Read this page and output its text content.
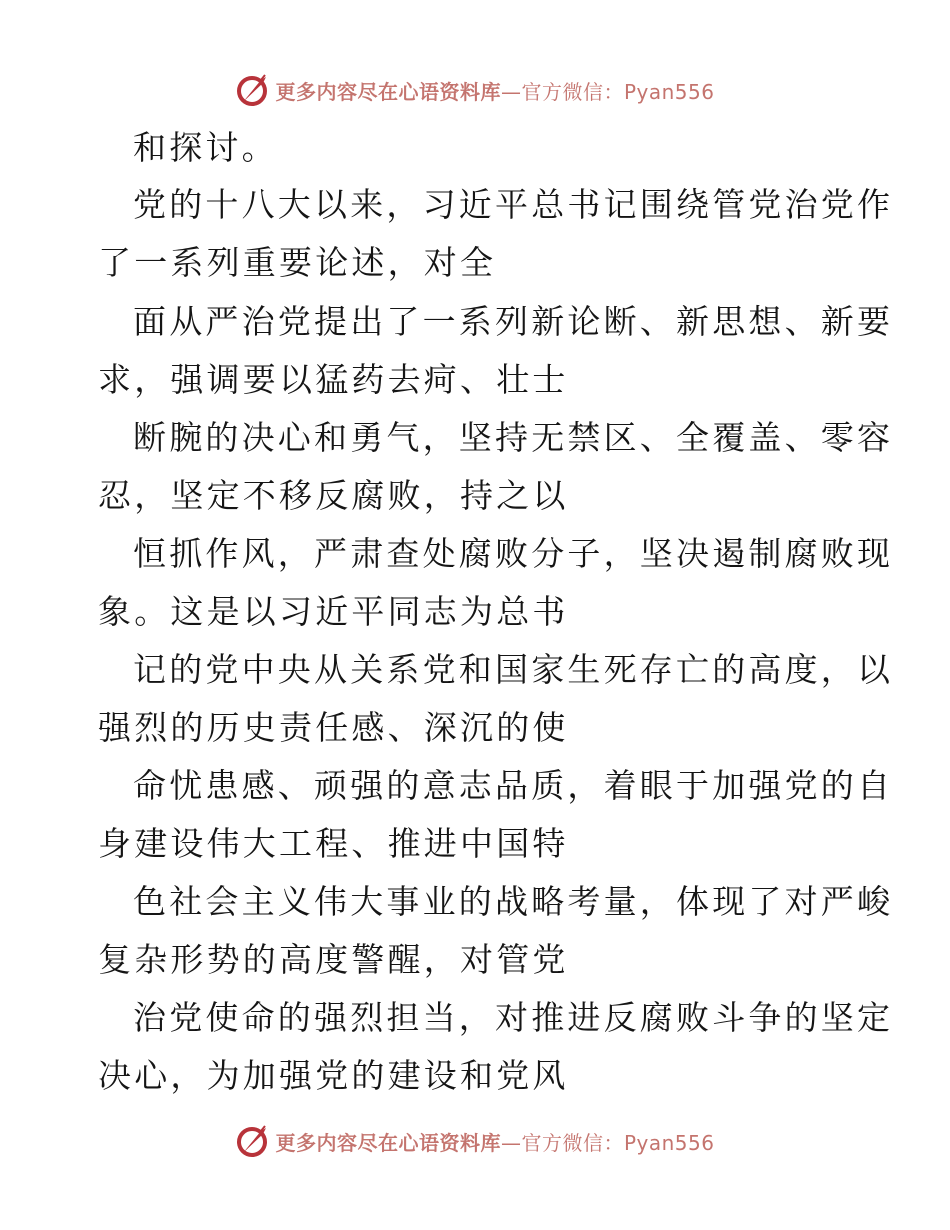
更多内容尽在心语资料库—官方微信：Pyan556
和探讨。
党的十八大以来，习近平总书记围绕管党治党作
了一系列重要论述，对全
面从严治党提出了一系列新论断、新思想、新要
求，强调要以猛药去疴、壮士
断腕的决心和勇气，坚持无禁区、全覆盖、零容
忍，坚定不移反腐败，持之以
恒抓作风，严肃查处腐败分子，坚决遏制腐败现
象。这是以习近平同志为总书
记的党中央从关系党和国家生死存亡的高度，以
强烈的历史责任感、深沉的使
命忧患感、顽强的意志品质，着眼于加强党的自
身建设伟大工程、推进中国特
色社会主义伟大事业的战略考量，体现了对严峻
复杂形势的高度警醒，对管党
治党使命的强烈担当，对推进反腐败斗争的坚定
决心，为加强党的建设和党风
更多内容尽在心语资料库—官方微信：Pyan556
